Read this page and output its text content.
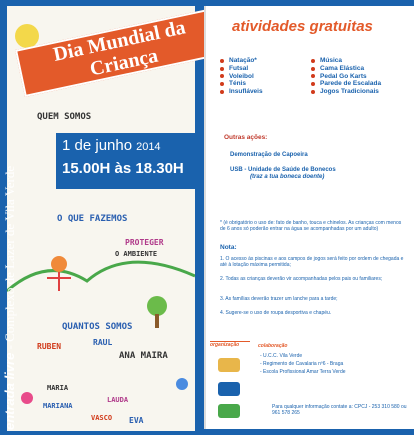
QUEM SOMOS
O QUE FAZEMOS
PROTEGER
O AMBIENTE
QUANTOS SOMOS
RUBEN	RAUL
ANA MAIRA
MARIANA
LAUDA
VASCO EVA
MARIA
Dia Mundial da Criança
1 de junho 2014
15.00H às 18.30H
entrada livre - Complexo de Lazer de Vila Verde
atividades gratuitas
Natação*
Futsal
Voleibol
Ténis
Insufláveis
Música
Cama Elástica
Pedal Go Karts
Parede de Escalada
Jogos Tradicionais
Outras ações:
Demonstração de Capoeira
USB - Unidade de Saúde de Bonecos
(traz a tua boneca doente)
* (é obrigatório o uso de: fato de banho, touca e chinelos. As crianças com menos de 6 anos só poderão entrar na água se acompanhadas por um adulto)
Nota:
1. O acesso às piscinas e aos campos de jogos será feito por ordem de chegada e até à lotação máxima permitida;
2. Todas as crianças deverão vir acompanhadas pelos pais ou familiares;
3. As famílias deverão trazer um lanche para a tarde;
4. Sugere-se o uso de roupa desportiva e chapéu.
organização	colaboração
- U.C.C. Vila Verde
- Regimento de Cavalaria nº6 - Braga
- Escola Profissional Amar Terra Verde
Para qualquer informação contate a: CPCJ - 253 310 580 ou 961 578 265
